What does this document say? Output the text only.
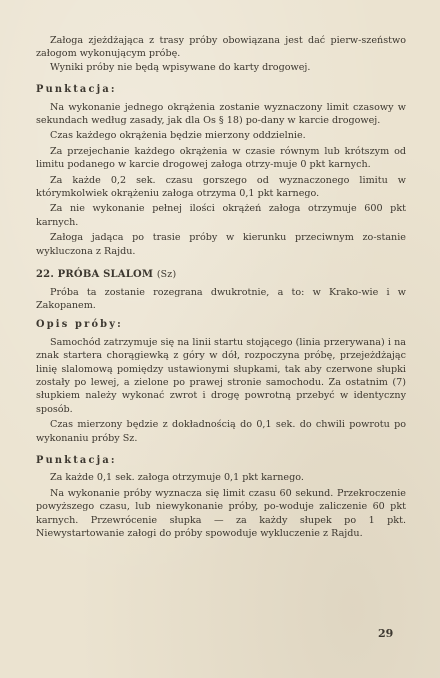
Załoga zjeżdżająca z trasy próby obowiązana jest dać pierw-szeństwo załogom wykonującym próbę.

Wyniki próby nie będą wpisywane do karty drogowej.

Punktacja:

Na wykonanie jednego okrążenia zostanie wyznaczony limit czasowy w sekundach według zasady, jak dla Os § 18) po-dany w karcie drogowej.

Czas każdego okrążenia będzie mierzony oddzielnie.

Za przejechanie każdego okrążenia w czasie równym lub krótszym od limitu podanego w karcie drogowej załoga otrzy-muje 0 pkt karnych.

Za każde 0,2 sek. czasu gorszego od wyznaczonego limitu w którymkolwiek okrążeniu załoga otrzyma 0,1 pkt karnego.

Za nie wykonanie pełnej ilości okrążeń załoga otrzymuje 600 pkt karnych.

Załoga jadąca po trasie próby w kierunku przeciwnym zo-stanie wykluczona z Rajdu.

22. PRÓBA SLALOM (Sz)

Próba ta zostanie rozegrana dwukrotnie, a to: w Krako-wie i w Zakopanem.

Opis próby:

Samochód zatrzymuje się na linii startu stojącego (linia przerywana) i na znak startera chorągiewką z góry w dół, rozpoczyna próbę, przejeżdżając linię slalomową pomiędzy ustawionymi słupkami, tak aby czerwone słupki zostały po lewej, a zielone po prawej stronie samochodu. Za ostatnim (7) słupkiem należy wykonać zwrot i drogę powrotną przebyć w identyczny sposób.

Czas mierzony będzie z dokładnością do 0,1 sek. do chwili powrotu po wykonaniu próby Sz.

Punktacja:

Za każde 0,1 sek. załoga otrzymuje 0,1 pkt karnego.

Na wykonanie próby wyznacza się limit czasu 60 sekund. Przekroczenie powyższego czasu, lub niewykonanie próby, po-woduje zaliczenie 60 pkt karnych. Przewrócenie słupka — za każdy słupek po 1 pkt. Niewystartowanie załogi do próby spowoduje wykluczenie z Rajdu.

29
